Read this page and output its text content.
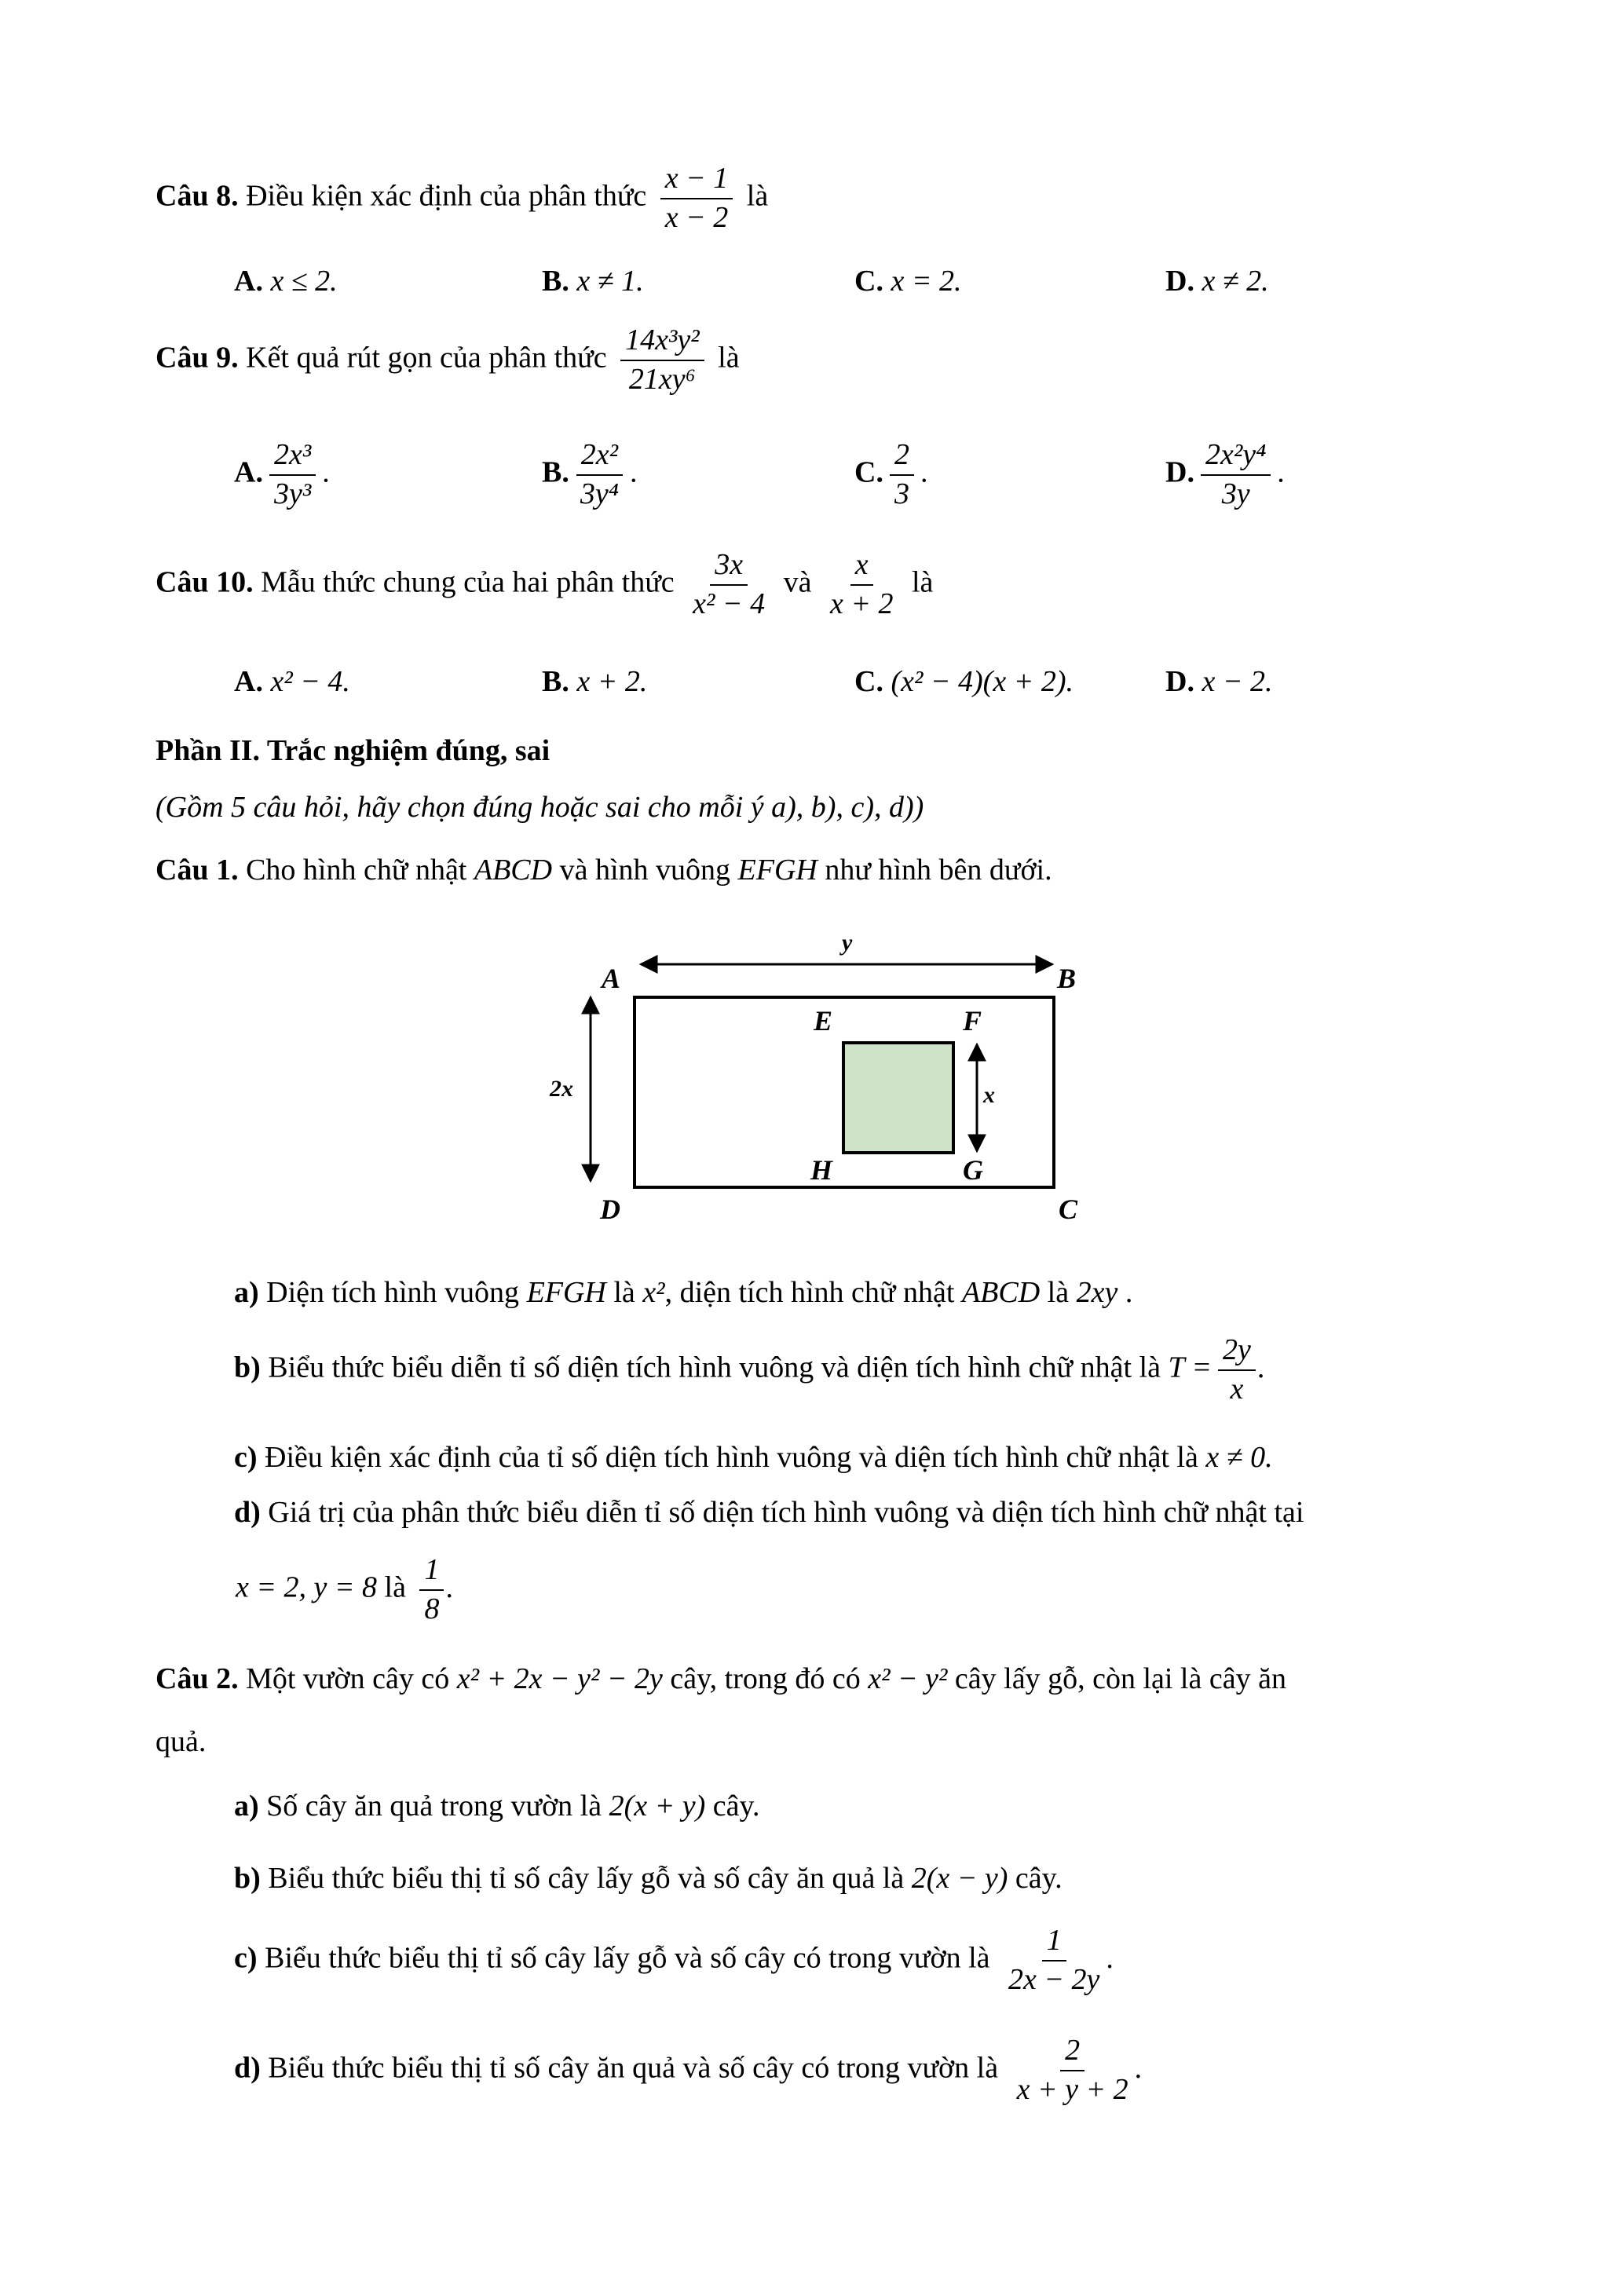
Câu 8. Điều kiện xác định của phân thức $\frac{x - 1}{x - 2}$ là
A. x ≤ 2.	B. x ≠ 1.	C. x = 2.	D. x ≠ 2.
Câu 9. Kết quả rút gọn của phân thức $\frac{\text{14x³y²}}{\text{21xy⁶}}$ là
A. $\frac{\text{2x³}}{\text{3y³}}$ .	B. $\frac{\text{2x²}}{\text{3y⁴}}$ .	C. $\frac{2}{3}$ .	D. $\frac{\text{2x²y⁴}}{3y}$ .
Câu 10. Mẫu thức chung của hai phân thức $\frac{3x}{\text{x² − 4}}$ và $\frac{x}{x + 2}$ là
A. x² − 4.	B. x + 2.	C. (x² − 4)(x + 2).	D. x − 2.
Phần II. Trắc nghiệm đúng, sai
(Gồm 5 câu hỏi, hãy chọn đúng hoặc sai cho mỗi ý a), b), c), d))
Câu 1. Cho hình chữ nhật ABCD và hình vuông EFGH như hình bên dưới.
A	B
C
D
E	F
G
H
y
2x	x
a) Diện tích hình vuông EFGH là x², diện tích hình chữ nhật ABCD là 2xy .
b) Biểu thức biểu diễn tỉ số diện tích hình vuông và diện tích hình chữ nhật là $T = \frac{2y}{x}$ .
c) Điều kiện xác định của tỉ số diện tích hình vuông và diện tích hình chữ nhật là x ≠ 0.
d) Giá trị của phân thức biểu diễn tỉ số diện tích hình vuông và diện tích hình chữ nhật tại
x = 2, y = 8 là $\frac{1}{8}$ .
Câu 2. Một vườn cây có x² + 2x − y² − 2y cây, trong đó có x² − y² cây lấy gỗ, còn lại là cây ăn
quả.
a) Số cây ăn quả trong vườn là 2(x + y) cây.
b) Biểu thức biểu thị tỉ số cây lấy gỗ và số cây ăn quả là 2(x − y) cây.
c) Biểu thức biểu thị tỉ số cây lấy gỗ và số cây có trong vườn là $\frac{1}{2x - 2y}$ .
d) Biểu thức biểu thị tỉ số cây ăn quả và số cây có trong vườn là $\frac{2}{x + y + 2}$ .
